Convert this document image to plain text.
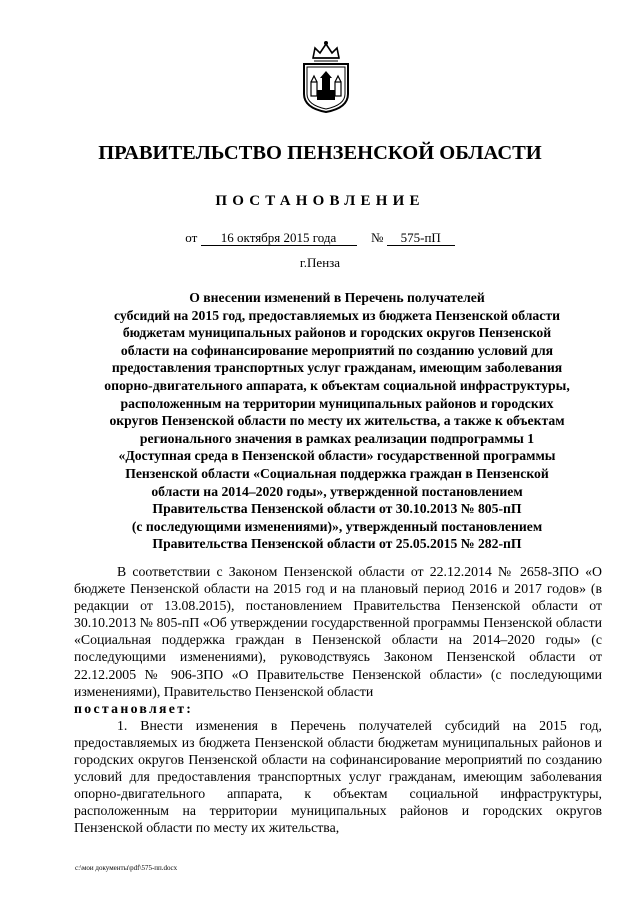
ПРАВИТЕЛЬСТВО ПЕНЗЕНСКОЙ ОБЛАСТИ
ПОСТАНОВЛЕНИЕ
от 16 октября 2015 года	№ 575-пП
г.Пенза
О внесении изменений в Перечень получателей
субсидий на 2015 год, предоставляемых из бюджета Пензенской области
бюджетам муниципальных районов и городских округов Пензенской
области на софинансирование мероприятий по созданию условий для
предоставления транспортных услуг гражданам, имеющим заболевания
опорно-двигательного аппарата, к объектам социальной инфраструктуры,
расположенным на территории муниципальных районов и городских
округов Пензенской области по месту их жительства, а также к объектам
регионального значения в рамках реализации подпрограммы 1
«Доступная среда в Пензенской области» государственной программы
Пензенской области «Социальная поддержка граждан в Пензенской
области на 2014–2020 годы», утвержденной постановлением
Правительства Пензенской области от 30.10.2013 № 805-пП
(с последующими изменениями)», утвержденный постановлением
Правительства Пензенской области от 25.05.2015 № 282-пП

В соответствии с Законом Пензенской области от 22.12.2014 № 2658-ЗПО «О бюджете Пензенской области на 2015 год и на плановый период 2016 и 2017 годов» (в редакции от 13.08.2015), постановлением Правительства Пензенской области от 30.10.2013 № 805-пП «Об утверждении государственной программы Пензенской области «Социальная поддержка граждан в Пензенской области на 2014–2020 годы» (с последующими изменениями), руководствуясь Законом Пензенской области от 22.12.2005 № 906-ЗПО «О Правительстве Пензенской области» (с последующими изменениями), Правительство Пензенской области

постановляет:

1. Внести изменения в Перечень получателей субсидий на 2015 год, предоставляемых из бюджета Пензенской области бюджетам муниципальных районов и городских округов Пензенской области на софинансирование мероприятий по созданию условий для предоставления транспортных услуг гражданам, имеющим заболевания опорно-двигательного аппарата, к объектам социальной инфраструктуры, расположенным на территории муниципальных районов и городских округов Пензенской области по месту их жительства,

c:\мои документы\pdf\575-пп.docx
